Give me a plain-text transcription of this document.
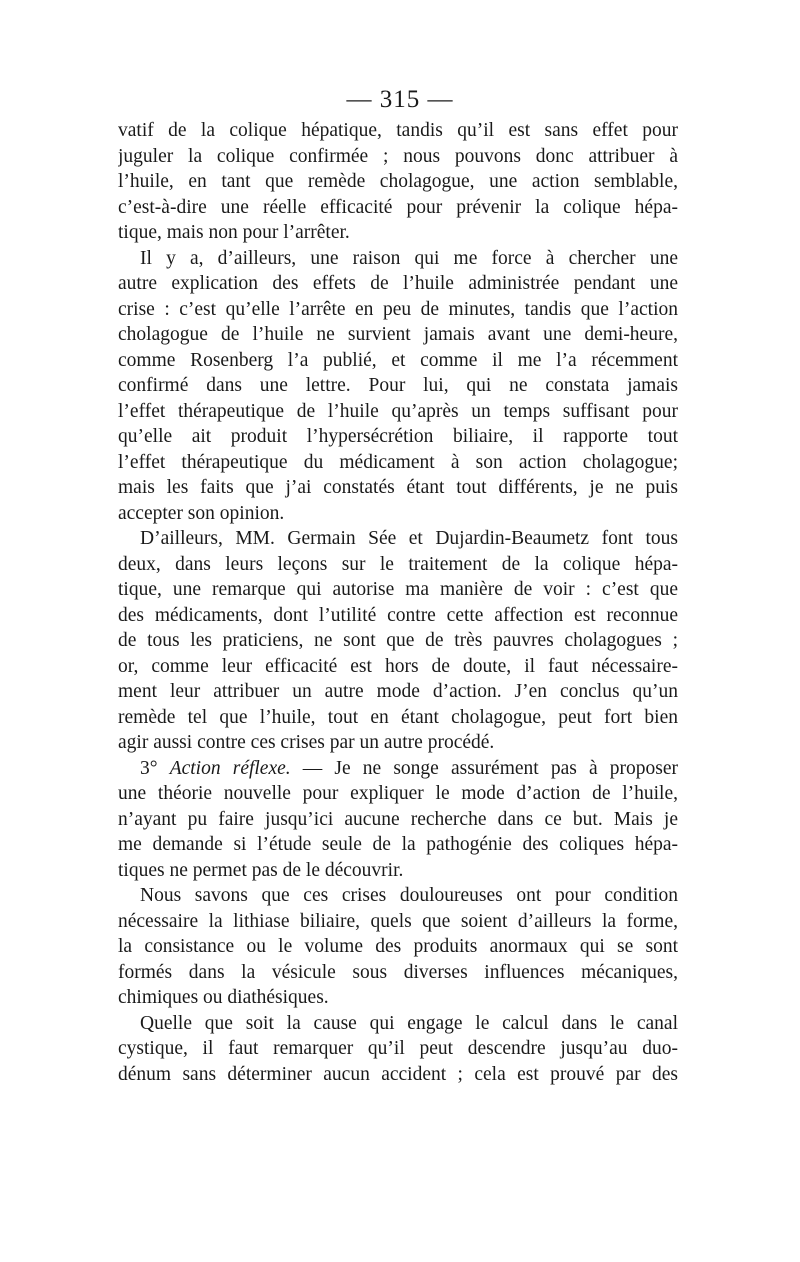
— 315 —
vatif de la colique hépatique, tandis qu’il est sans effet pour
juguler la colique confirmée ; nous pouvons donc attribuer à
l’huile, en tant que remède cholagogue, une action semblable,
c’est-à-dire une réelle efficacité pour prévenir la colique hépa-
tique, mais non pour l’arrêter.
Il y a, d’ailleurs, une raison qui me force à chercher une
autre explication des effets de l’huile administrée pendant une
crise : c’est qu’elle l’arrête en peu de minutes, tandis que l’action
cholagogue de l’huile ne survient jamais avant une demi-heure,
comme Rosenberg l’a publié, et comme il me l’a récemment
confirmé dans une lettre. Pour lui, qui ne constata jamais
l’effet thérapeutique de l’huile qu’après un temps suffisant pour
qu’elle ait produit l’hypersécrétion biliaire, il rapporte tout
l’effet thérapeutique du médicament à son action cholagogue;
mais les faits que j’ai constatés étant tout différents, je ne puis
accepter son opinion.
D’ailleurs, MM. Germain Sée et Dujardin-Beaumetz font tous
deux, dans leurs leçons sur le traitement de la colique hépa-
tique, une remarque qui autorise ma manière de voir : c’est que
des médicaments, dont l’utilité contre cette affection est reconnue
de tous les praticiens, ne sont que de très pauvres cholagogues ;
or, comme leur efficacité est hors de doute, il faut nécessaire-
ment leur attribuer un autre mode d’action. J’en conclus qu’un
remède tel que l’huile, tout en étant cholagogue, peut fort bien
agir aussi contre ces crises par un autre procédé.
3° Action réflexe. — Je ne songe assurément pas à proposer
une théorie nouvelle pour expliquer le mode d’action de l’huile,
n’ayant pu faire jusqu’ici aucune recherche dans ce but. Mais je
me demande si l’étude seule de la pathogénie des coliques hépa-
tiques ne permet pas de le découvrir.
Nous savons que ces crises douloureuses ont pour condition
nécessaire la lithiase biliaire, quels que soient d’ailleurs la forme,
la consistance ou le volume des produits anormaux qui se sont
formés dans la vésicule sous diverses influences mécaniques,
chimiques ou diathésiques.
Quelle que soit la cause qui engage le calcul dans le canal
cystique, il faut remarquer qu’il peut descendre jusqu’au duo-
dénum sans déterminer aucun accident ; cela est prouvé par des
